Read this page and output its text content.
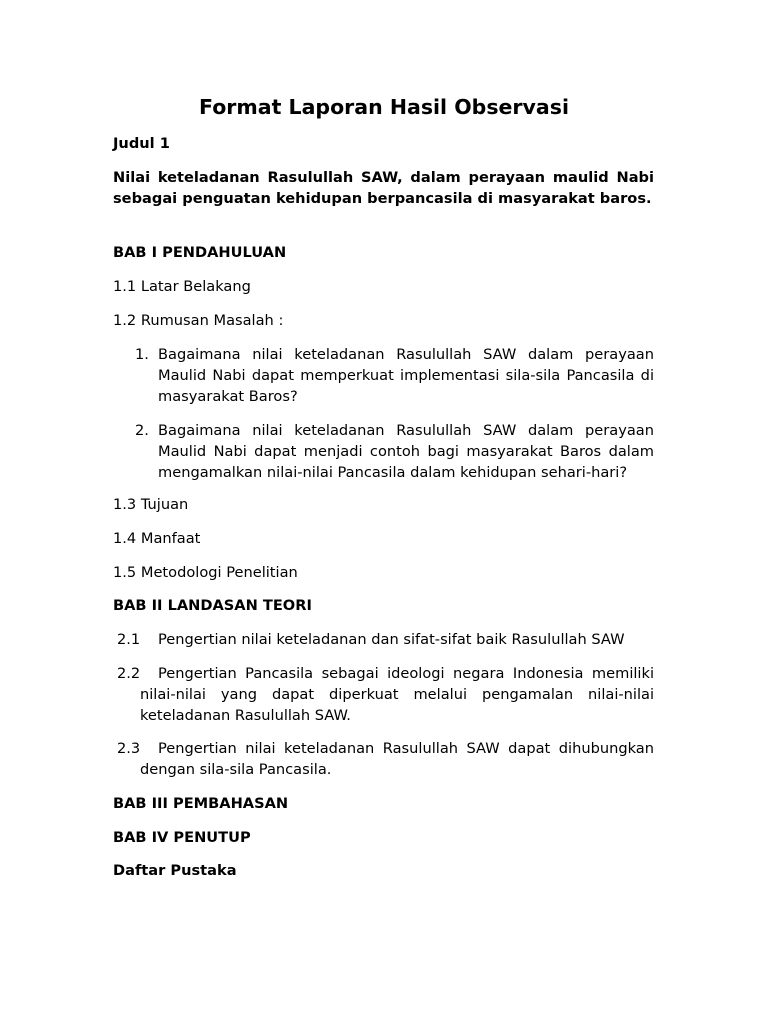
Format Laporan Hasil Observasi
Judul 1
Nilai keteladanan Rasulullah SAW, dalam perayaan maulid Nabi sebagai penguatan kehidupan berpancasila di masyarakat baros.
BAB I PENDAHULUAN
1.1 Latar Belakang
1.2 Rumusan Masalah :
1. Bagaimana nilai keteladanan Rasulullah SAW dalam perayaan Maulid Nabi dapat memperkuat implementasi sila-sila Pancasila di masyarakat Baros?
2. Bagaimana nilai keteladanan Rasulullah SAW dalam perayaan Maulid Nabi dapat menjadi contoh bagi masyarakat Baros dalam mengamalkan nilai-nilai Pancasila dalam kehidupan sehari-hari?
1.3 Tujuan
1.4 Manfaat
1.5 Metodologi Penelitian
BAB II LANDASAN TEORI
2.1	Pengertian nilai keteladanan dan sifat-sifat baik Rasulullah SAW
2.2	Pengertian Pancasila sebagai ideologi negara Indonesia memiliki
nilai-nilai yang dapat diperkuat melalui pengamalan nilai-nilai keteladanan Rasulullah SAW.
2.3	Pengertian nilai keteladanan Rasulullah SAW dapat dihubungkan
dengan sila-sila Pancasila.
BAB III PEMBAHASAN
BAB IV PENUTUP
Daftar Pustaka
